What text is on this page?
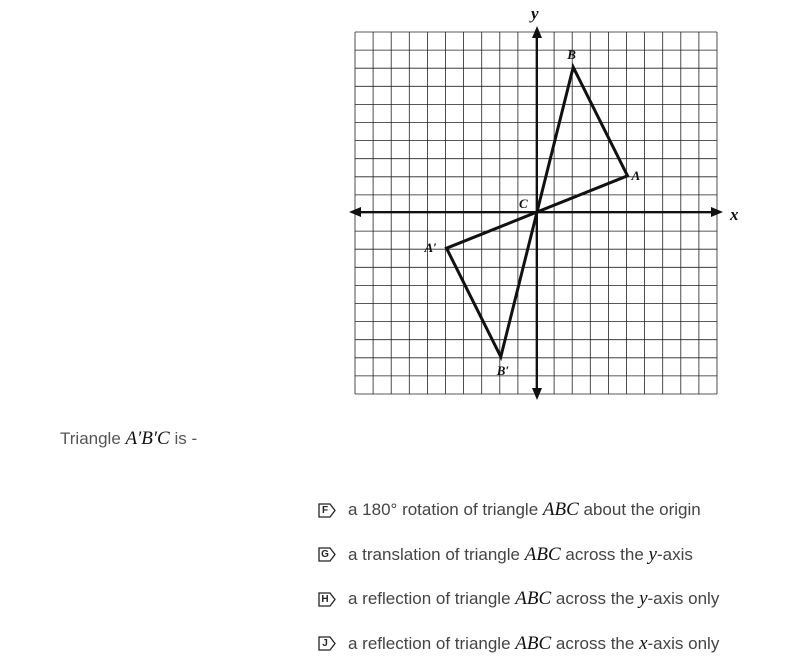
A
B
C
A′
B′
x
y
Triangle A′B′C is -
F a 180° rotation of triangle
ABC
about the origin
G a translation of triangle
ABC
across the
y -axis
H a reflection of triangle
ABC
across the
y -axis only
J a reflection of triangle
ABC
across the
x -axis only
